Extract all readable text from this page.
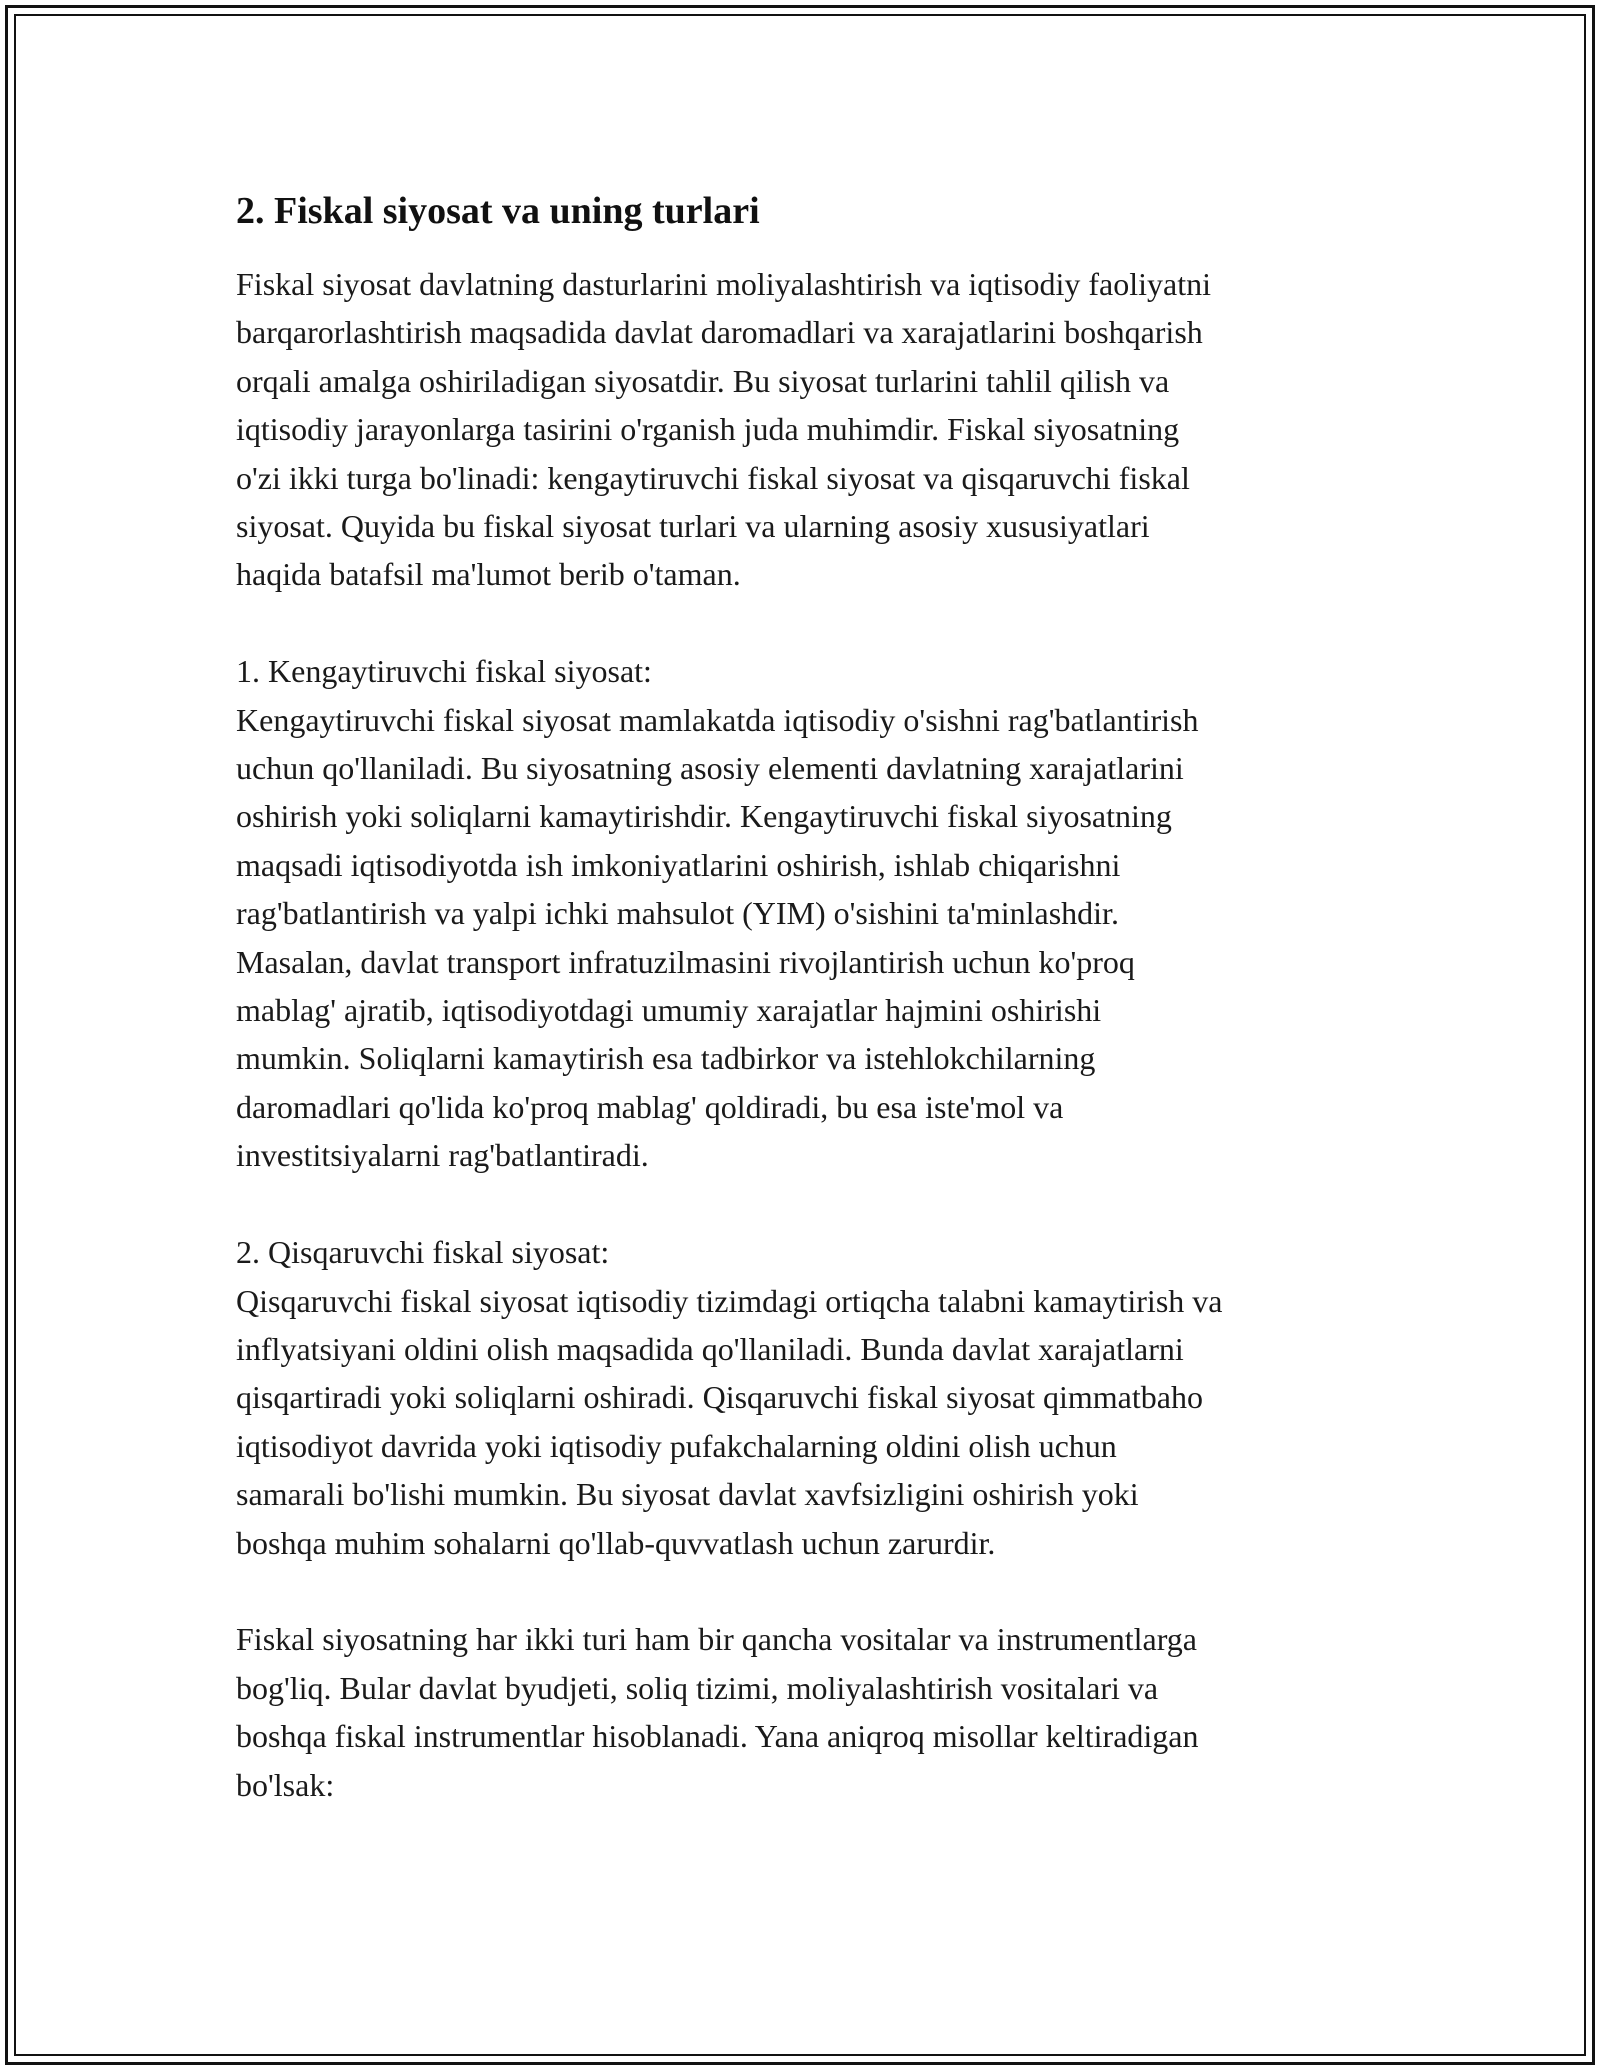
2. Fiskal siyosat va uning turlari

Fiskal siyosat davlatning dasturlarini moliyalashtirish va iqtisodiy faoliyatni
barqarorlashtirish maqsadida davlat daromadlari va xarajatlarini boshqarish
orqali amalga oshiriladigan siyosatdir. Bu siyosat turlarini tahlil qilish va
iqtisodiy jarayonlarga tasirini o'rganish juda muhimdir. Fiskal siyosatning
o'zi ikki turga bo'linadi: kengaytiruvchi fiskal siyosat va qisqaruvchi fiskal
siyosat. Quyida bu fiskal siyosat turlari va ularning asosiy xususiyatlari
haqida batafsil ma'lumot berib o'taman.

1. Kengaytiruvchi fiskal siyosat:
Kengaytiruvchi fiskal siyosat mamlakatda iqtisodiy o'sishni rag'batlantirish
uchun qo'llaniladi. Bu siyosatning asosiy elementi davlatning xarajatlarini
oshirish yoki soliqlarni kamaytirishdir. Kengaytiruvchi fiskal siyosatning
maqsadi iqtisodiyotda ish imkoniyatlarini oshirish, ishlab chiqarishni
rag'batlantirish va yalpi ichki mahsulot (YIM) o'sishini ta'minlashdir.
Masalan, davlat transport infratuzilmasini rivojlantirish uchun ko'proq
mablag' ajratib, iqtisodiyotdagi umumiy xarajatlar hajmini oshirishi
mumkin. Soliqlarni kamaytirish esa tadbirkor va istehlokchilarning
daromadlari qo'lida ko'proq mablag' qoldiradi, bu esa iste'mol va
investitsiyalarni rag'batlantiradi.

2. Qisqaruvchi fiskal siyosat:
Qisqaruvchi fiskal siyosat iqtisodiy tizimdagi ortiqcha talabni kamaytirish va
inflyatsiyani oldini olish maqsadida qo'llaniladi. Bunda davlat xarajatlarni
qisqartiradi yoki soliqlarni oshiradi. Qisqaruvchi fiskal siyosat qimmatbaho
iqtisodiyot davrida yoki iqtisodiy pufakchalarning oldini olish uchun
samarali bo'lishi mumkin. Bu siyosat davlat xavfsizligini oshirish yoki
boshqa muhim sohalarni qo'llab-quvvatlash uchun zarurdir.

Fiskal siyosatning har ikki turi ham bir qancha vositalar va instrumentlarga
bog'liq. Bular davlat byudjeti, soliq tizimi, moliyalashtirish vositalari va
boshqa fiskal instrumentlar hisoblanadi. Yana aniqroq misollar keltiradigan
bo'lsak:
